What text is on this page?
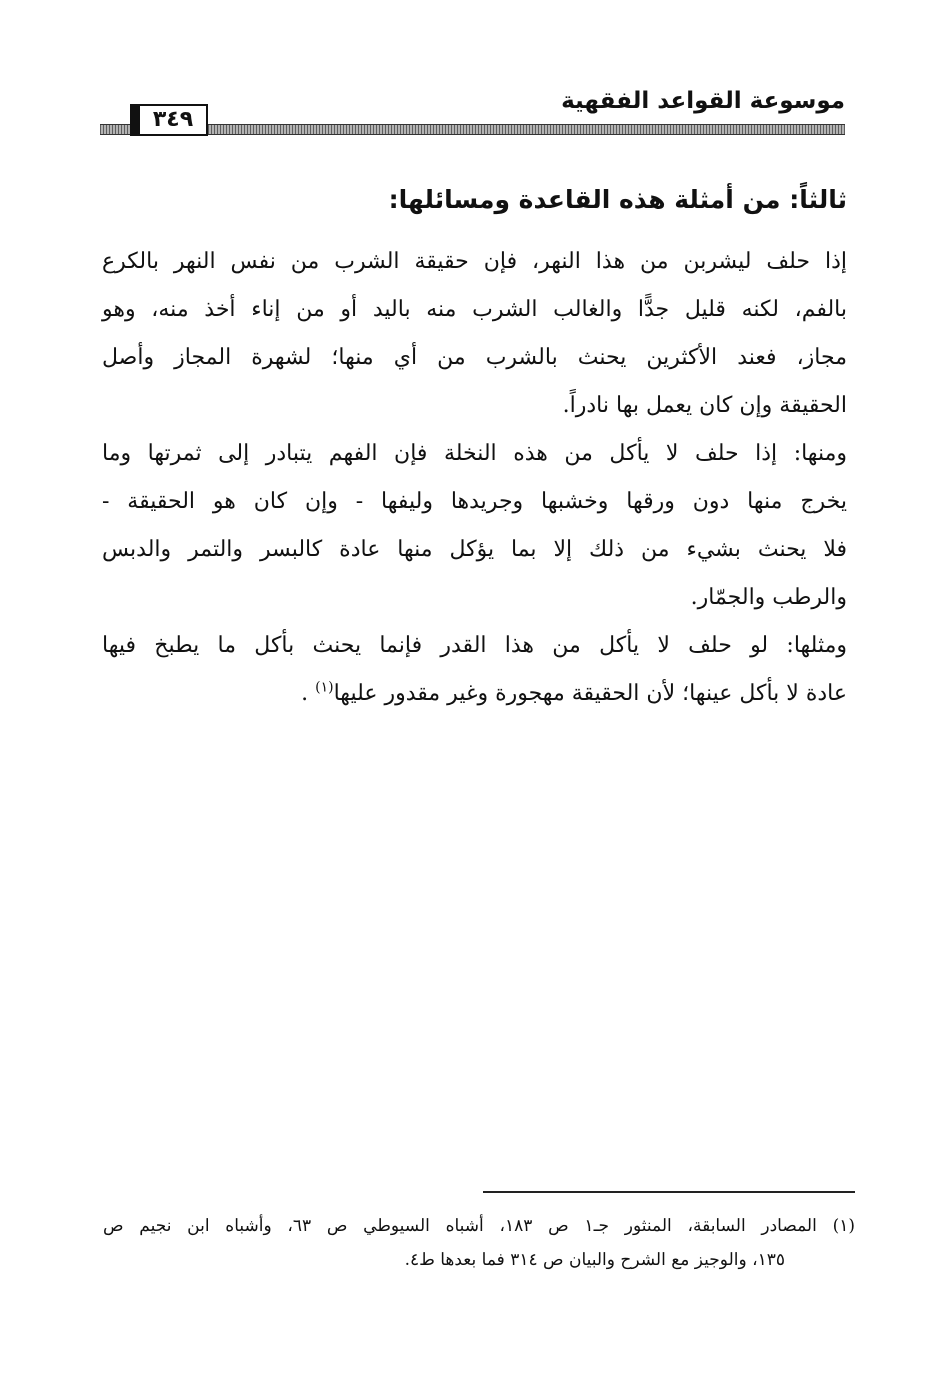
موسوعة القواعد الفقهية
٣٤٩
ثالثاً: من أمثلة هذه القاعدة ومسائلها:
إذا حلف ليشربن من هذا النهر، فإن حقيقة الشرب من نفس النهر بالكرع
بالفم، لكنه قليل جدًّا والغالب الشرب منه باليد أو من إناء أخذ منه، وهو
مجاز، فعند الأكثرين يحنث بالشرب من أي منها؛ لشهرة المجاز وأصل
الحقيقة وإن كان يعمل بها نادراً.
ومنها: إذا حلف لا يأكل من هذه النخلة فإن الفهم يتبادر إلى ثمرتها وما
يخرج منها دون ورقها وخشبها وجريدها وليفها - وإن كان هو الحقيقة -
فلا يحنث بشيء من ذلك إلا بما يؤكل منها عادة كالبسر والتمر والدبس
والرطب والجمّار.
ومثلها: لو حلف لا يأكل من هذا القدر فإنما يحنث بأكل ما يطبخ فيها
عادة لا بأكل عينها؛ لأن الحقيقة مهجورة وغير مقدور عليها$^{(١)}$ .
(١) المصادر السابقة، المنثور جـ١ ص ١٨٣، أشباه السيوطي ص ٦٣، وأشباه ابن نجيم ص
١٣٥، والوجيز مع الشرح والبيان ص ٣١٤ فما بعدها ط٤.
